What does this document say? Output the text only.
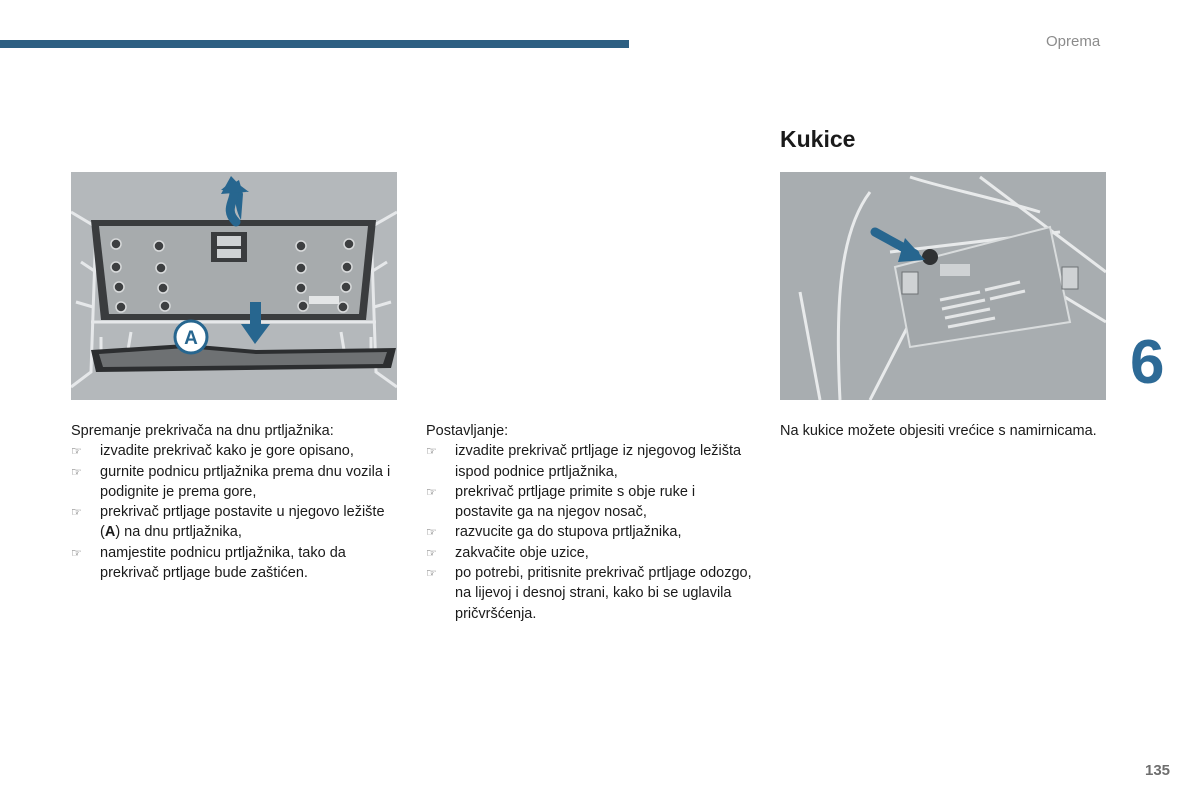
Oprema
Kukice
6
A

Spremanje prekrivača na dnu prtljažnika:

☞ izvadite prekrivač kako je gore opisano,
☞ gurnite podnicu prtljažnika prema dnu vozila i podignite je prema gore,
☞ prekrivač prtljage postavite u njegovo ležište (A) na dnu prtljažnika,
☞ namjestite podnicu prtljažnika, tako da prekrivač prtljage bude zaštićen.

Postavljanje:

☞ izvadite prekrivač prtljage iz njegovog ležišta ispod podnice prtljažnika,
☞ prekrivač prtljage primite s obje ruke i postavite ga na njegov nosač,
☞ razvucite ga do stupova prtljažnika,
☞ zakvačite obje uzice,
☞ po potrebi, pritisnite prekrivač prtljage odozgo, na lijevoj i desnoj strani, kako bi se uglavila pričvršćenja.

Na kukice možete objesiti vrećice s namirnicama.

135
